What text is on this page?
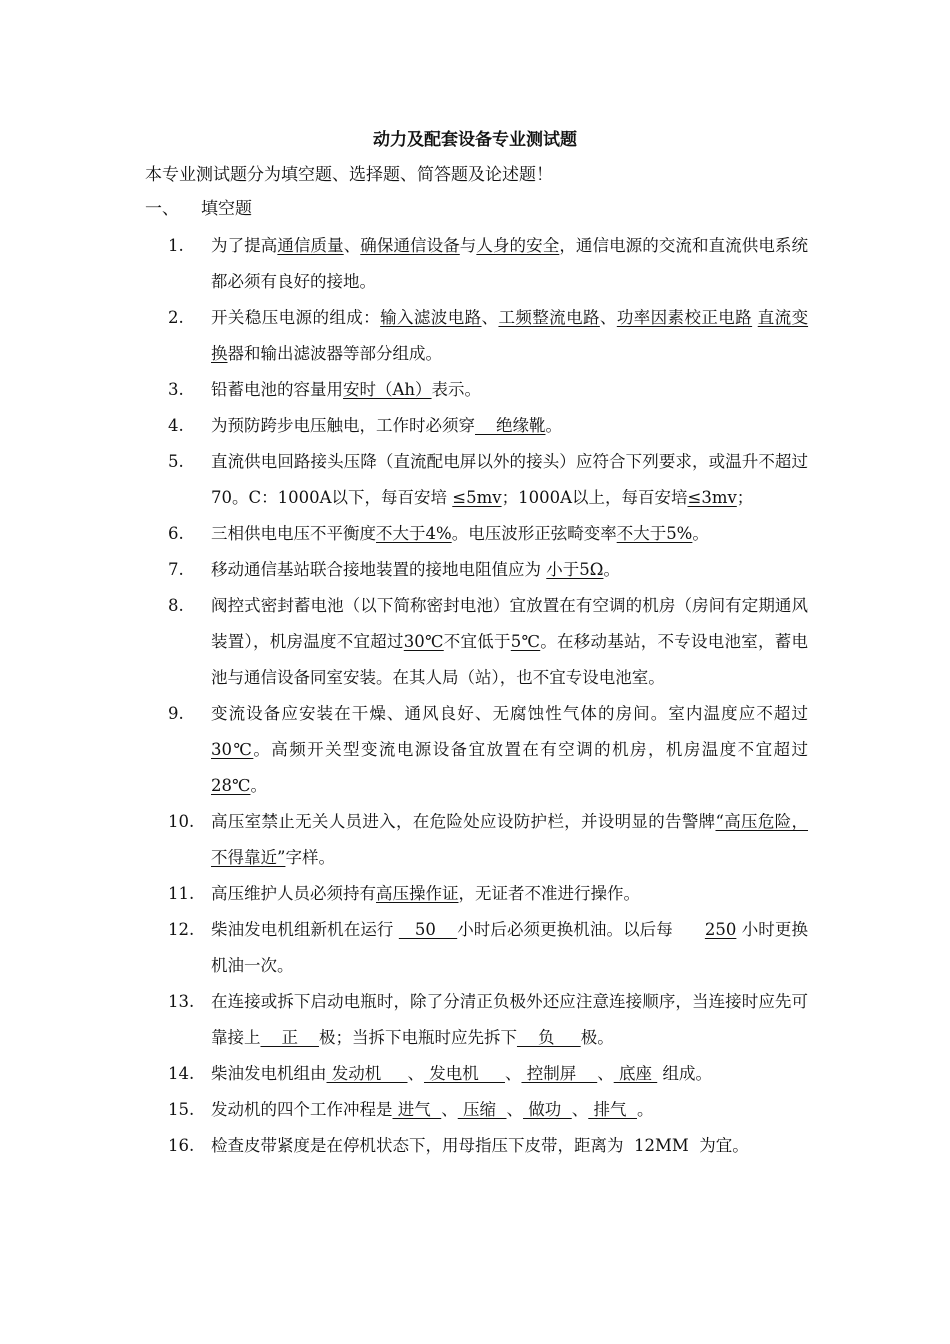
动力及配套设备专业测试题
本专业测试题分为填空题、选择题、简答题及论述题！
一、 填空题
1.	为了提高通信质量、确保通信设备与人身的安全，通信电源的交流和直流供电系统都必须有良好的接地。
2.	开关稳压电源的组成：输入滤波电路、工频整流电路、功率因素校正电路 直流变换器和输出滤波器等部分组成。
3.	铅蓄电池的容量用安时（Ah）表示。
4.	为预防跨步电压触电，工作时必须穿    绝缘靴。
5.	直流供电回路接头压降（直流配电屏以外的接头）应符合下列要求，或温升不超过70。C：1000A以下，每百安培 ≤5mv；1000A以上，每百安培≤3mv；
6.	三相供电电压不平衡度不大于4%。电压波形正弦畸变率不大于5%。
7.	移动通信基站联合接地装置的接地电阻值应为 小于5Ω。
8.	阀控式密封蓄电池（以下简称密封电池）宜放置在有空调的机房（房间有定期通风装置），机房温度不宜超过30℃不宜低于5℃。在移动基站，不专设电池室，蓄电池与通信设备同室安装。在其人局（站），也不宜专设电池室。
9.	变流设备应安装在干燥、通风良好、无腐蚀性气体的房间。室内温度应不超过30℃。高频开关型变流电源设备宜放置在有空调的机房，机房温度不宜超过28℃。
10.	高压室禁止无关人员进入，在危险处应设防护栏，并设明显的告警牌“高压危险，不得靠近”字样。
11.	高压维护人员必须持有高压操作证，无证者不准进行操作。
12.	柴油发电机组新机在运行    50    小时后必须更换机油。以后每      250 小时更换机油一次。
13.	在连接或拆下启动电瓶时，除了分清正负极外还应注意连接顺序，当连接时应先可靠接上    正    极；当拆下电瓶时应先拆下    负     极。
14.	柴油发电机组由 发动机     、 发电机     、 控制屏    、 底座  组成。
15.	发动机的四个工作冲程是 进气  、 压缩  、 做功  、 排气  。
16.	检查皮带紧度是在停机状态下，用母指压下皮带，距离为  12MM  为宜。
